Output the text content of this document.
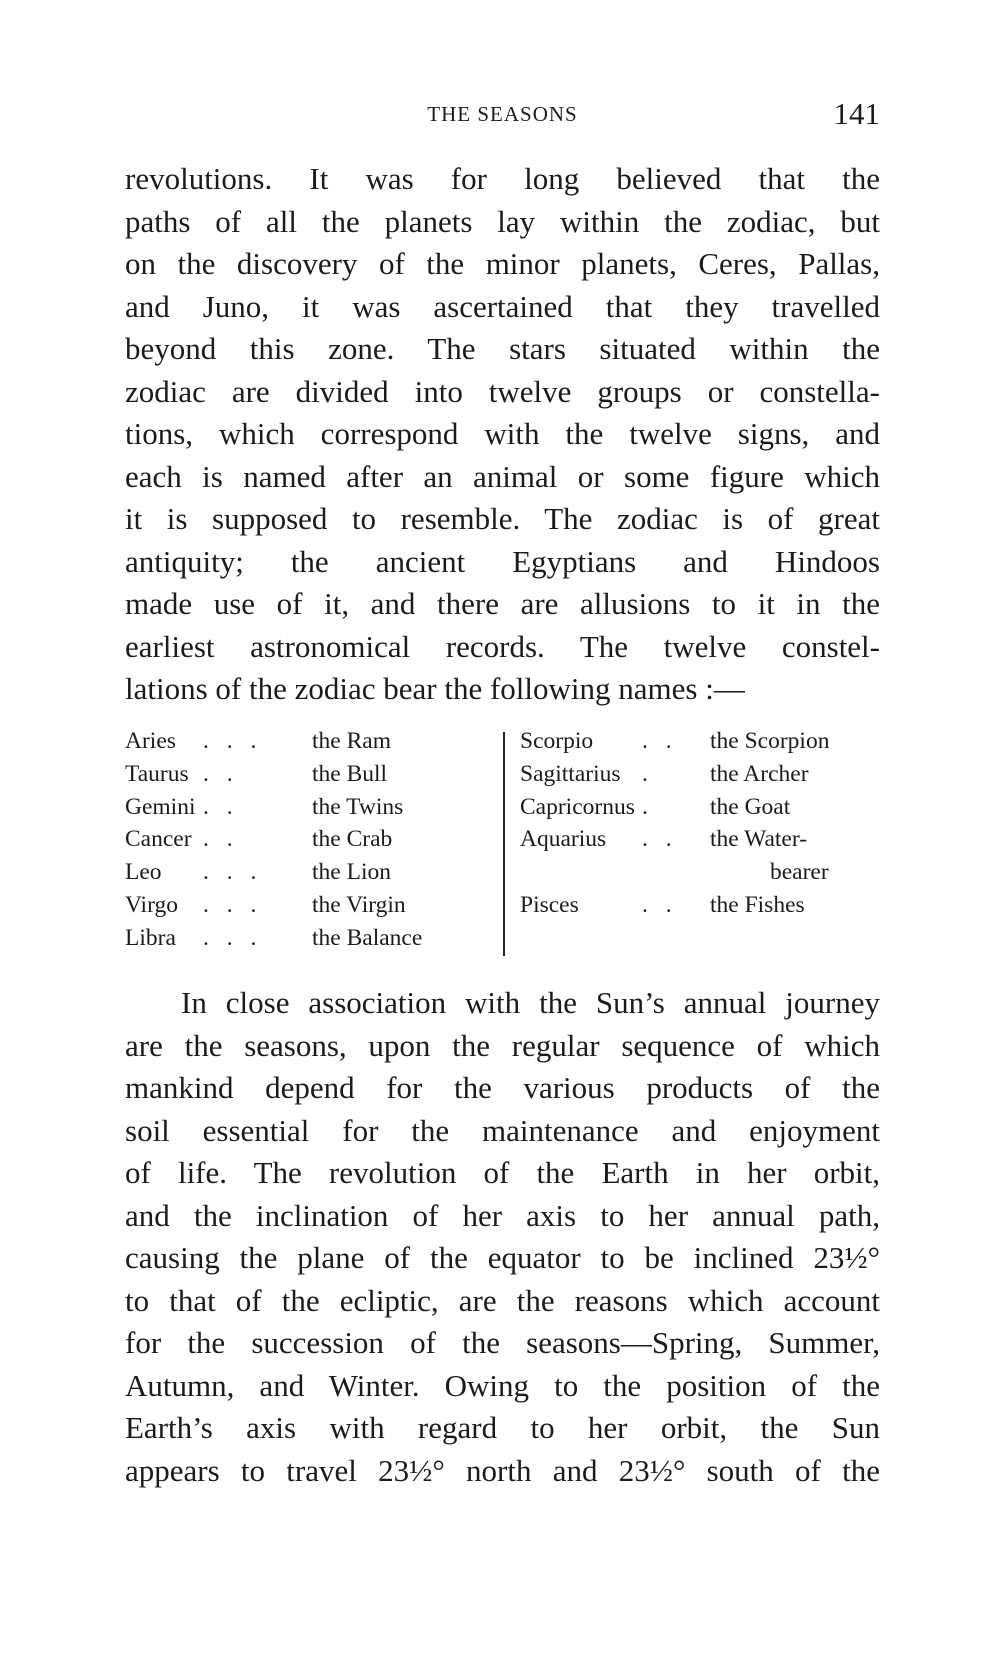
THE SEASONS	141
revolutions. It was for long believed that the
paths of all the planets lay within the zodiac, but
on the discovery of the minor planets, Ceres, Pallas,
and Juno, it was ascertained that they travelled
beyond this zone. The stars situated within the
zodiac are divided into twelve groups or constella-
tions, which correspond with the twelve signs, and
each is named after an animal or some figure which
it is supposed to resemble. The zodiac is of great
antiquity; the ancient Egyptians and Hindoos
made use of it, and there are allusions to it in the
earliest astronomical records. The twelve constel-
lations of the zodiac bear the following names :—
Aries . . . the Ram
Taurus . .	the Bull
Gemini . .	the Twins
Cancer . .	the Crab
Leo . . . the Lion
Virgo . . . the Virgin
Libra . . . the Balance
Scorpio . . the Scorpion
Sagittarius . the Archer
Capricornus . the Goat
Aquarius . . the Water-
bearer
Pisces	. . the Fishes
In close association with the Sun’s annual journey
are the seasons, upon the regular sequence of which
mankind depend for the various products of the
soil essential for the maintenance and enjoyment
of life. The revolution of the Earth in her orbit,
and the inclination of her axis to her annual path,
causing the plane of the equator to be inclined 23½°
to that of the ecliptic, are the reasons which account
for the succession of the seasons—Spring, Summer,
Autumn, and Winter. Owing to the position of the
Earth’s axis with regard to her orbit, the Sun
appears to travel 23½° north and 23½° south of the
